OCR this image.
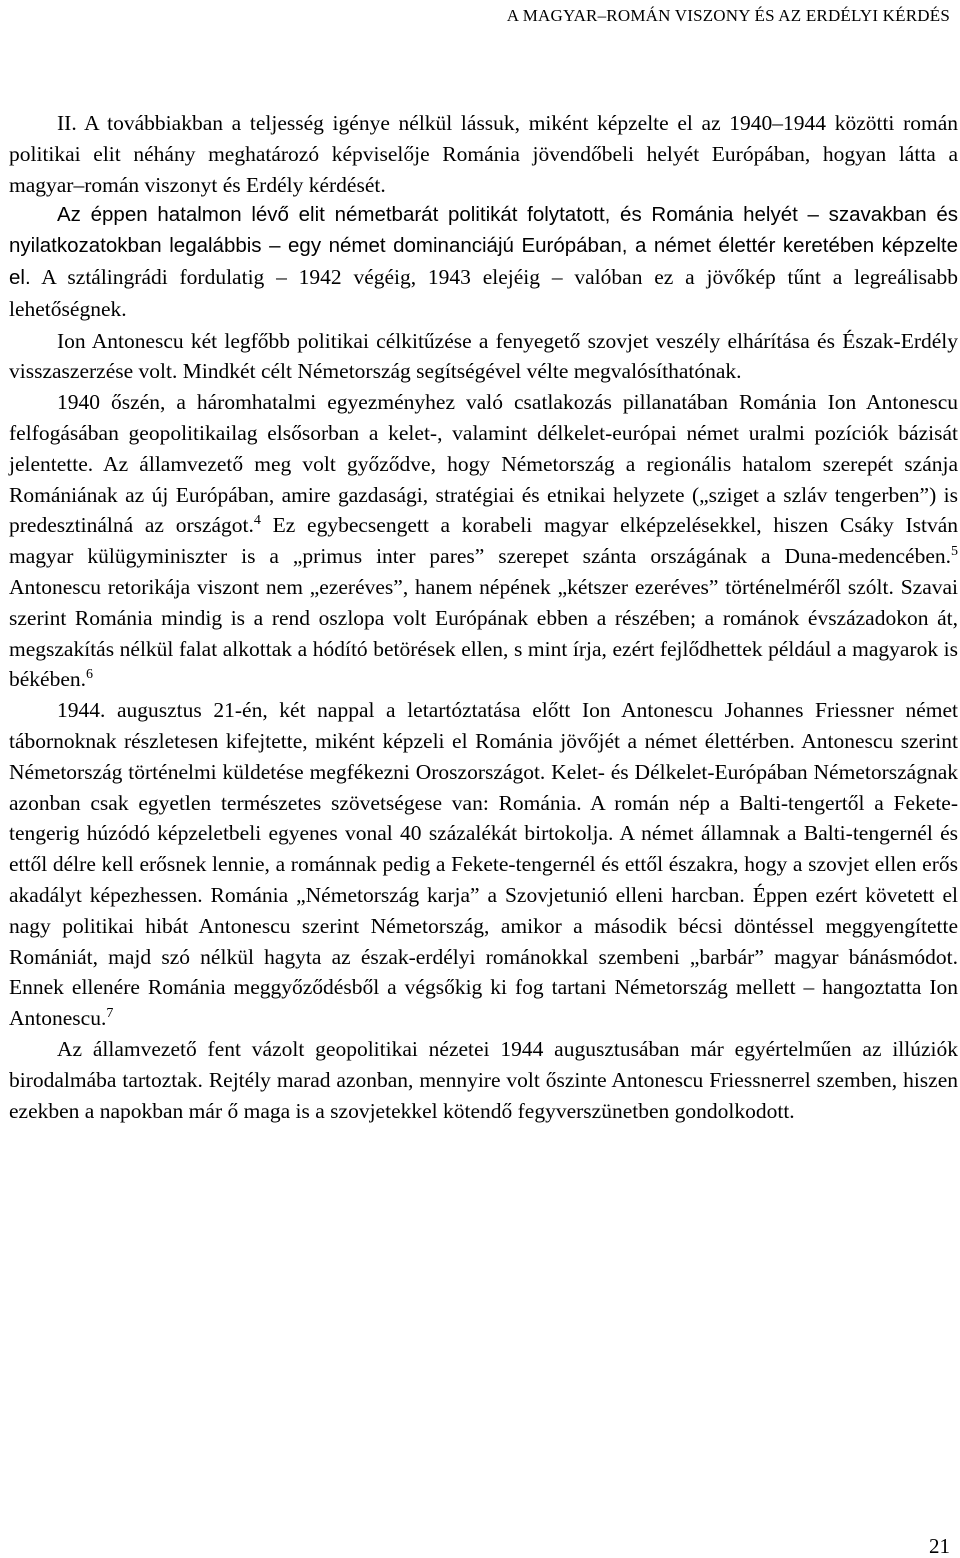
A MAGYAR–ROMÁN VISZONY ÉS AZ ERDÉLYI KÉRDÉS

II. A továbbiakban a teljesség igénye nélkül lássuk, miként képzelte el az 1940–1944 közötti román politikai elit néhány meghatározó képviselője Románia jövendőbeli helyét Európában, hogyan látta a magyar–román viszonyt és Erdély kérdését.

Az éppen hatalmon lévő elit németbarát politikát folytatott, és Románia helyét – szavakban és nyilatkozatokban legalábbis – egy német dominanciájú Európában, a német élettér keretében képzelte el. A sztálingrádi fordulatig – 1942 végéig, 1943 elejéig – valóban ez a jövőkép tűnt a legreálisabb lehetőségnek.

Ion Antonescu két legfőbb politikai célkitűzése a fenyegető szovjet veszély elhárítása és Észak-Erdély visszaszerzése volt. Mindkét célt Németország segítségével vélte megvalósíthatónak.

1940 őszén, a háromhatalmi egyezményhez való csatlakozás pillanatában Románia Ion Antonescu felfogásában geopolitikailag elsősorban a kelet-, valamint délkelet-európai német uralmi pozíciók bázisát jelentette. Az államvezető meg volt győződve, hogy Németország a regionális hatalom szerepét szánja Romániának az új Európában, amire gazdasági, stratégiai és etnikai helyzete („sziget a szláv tengerben”) is predesztinálná az országot.$^4$ Ez egybecsengett a korabeli magyar elképzelésekkel, hiszen Csáky István magyar külügyminiszter is a „primus inter pares” szerepet szánta országának a Duna-medencében.$^5$ Antonescu retorikája viszont nem „ezeréves”, hanem népének „kétszer ezeréves” történelméről szólt. Szavai szerint Románia mindig is a rend oszlopa volt Európának ebben a részében; a románok évszázadokon át, megszakítás nélkül falat alkottak a hódító betörések ellen, s mint írja, ezért fejlődhettek például a magyarok is békében.$^6$

1944. augusztus 21-én, két nappal a letartóztatása előtt Ion Antonescu Johannes Friessner német tábornoknak részletesen kifejtette, miként képzeli el Románia jövőjét a német élettérben. Antonescu szerint Németország történelmi küldetése megfékezni Oroszországot. Kelet- és Délkelet-Európában Németországnak azonban csak egyetlen természetes szövetségese van: Románia. A román nép a Balti-tengertől a Fekete-tengerig húzódó képzeletbeli egyenes vonal 40 százalékát birtokolja. A német államnak a Balti-tengernél és ettől délre kell erősnek lennie, a románnak pedig a Fekete-tengernél és ettől északra, hogy a szovjet ellen erős akadályt képezhessen. Románia „Németország karja” a Szovjetunió elleni harcban. Éppen ezért követett el nagy politikai hibát Antonescu szerint Németország, amikor a második bécsi döntéssel meggyengítette Romániát, majd szó nélkül hagyta az észak-erdélyi románokkal szembeni „barbár” magyar bánásmódot. Ennek ellenére Románia meggyőződésből a végsőkig ki fog tartani Németország mellett – hangoztatta Ion Antonescu.$^7$

Az államvezető fent vázolt geopolitikai nézetei 1944 augusztusában már egyértelműen az illúziók birodalmába tartoztak. Rejtély marad azonban, mennyire volt őszinte Antonescu Friessnerrel szemben, hiszen ezekben a napokban már ő maga is a szovjetekkel kötendő fegyverszünetben gondolkodott.

21
